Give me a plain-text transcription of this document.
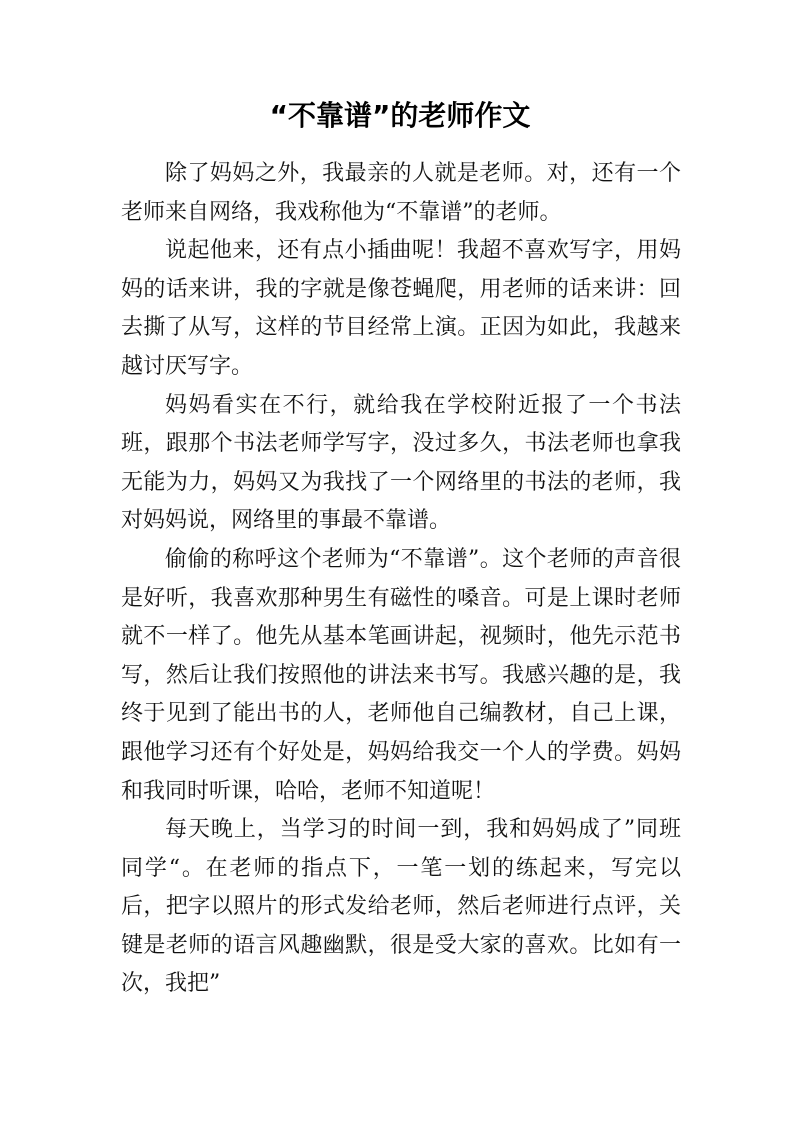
“不靠谱”的老师作文

除了妈妈之外，我最亲的人就是老师。对，还有一个老师来自网络，我戏称他为“不靠谱”的老师。

说起他来，还有点小插曲呢！我超不喜欢写字，用妈妈的话来讲，我的字就是像苍蝇爬，用老师的话来讲：回去撕了从写，这样的节目经常上演。正因为如此，我越来越讨厌写字。

妈妈看实在不行，就给我在学校附近报了一个书法班，跟那个书法老师学写字，没过多久，书法老师也拿我无能为力，妈妈又为我找了一个网络里的书法的老师，我对妈妈说，网络里的事最不靠谱。

偷偷的称呼这个老师为“不靠谱”。这个老师的声音很是好听，我喜欢那种男生有磁性的嗓音。可是上课时老师就不一样了。他先从基本笔画讲起，视频时，他先示范书写，然后让我们按照他的讲法来书写。我感兴趣的是，我终于见到了能出书的人，老师他自己编教材，自己上课，跟他学习还有个好处是，妈妈给我交一个人的学费。妈妈和我同时听课，哈哈，老师不知道呢！

每天晚上，当学习的时间一到，我和妈妈成了”同班同学“。在老师的指点下，一笔一划的练起来，写完以后，把字以照片的形式发给老师，然后老师进行点评，关键是老师的语言风趣幽默，很是受大家的喜欢。比如有一次，我把”
